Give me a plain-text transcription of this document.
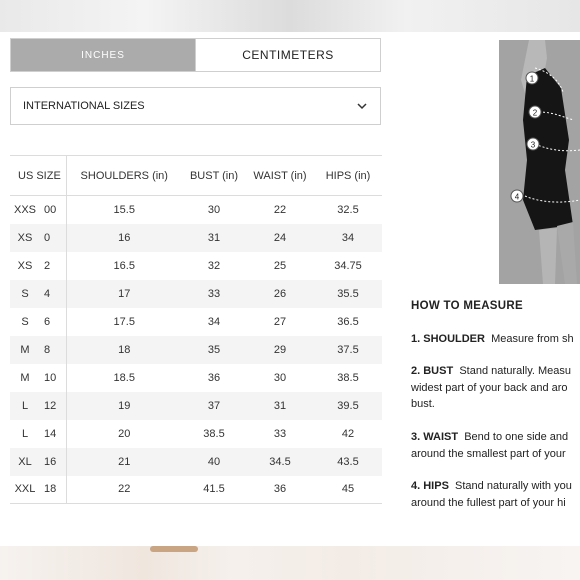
INCHES	CENTIMETERS
INTERNATIONAL SIZES
US SIZE		SHOULDERS (in)	BUST (in)	WAIST (in)	HIPS (in)
XXS	00	15.5	30	22	32.5
XS	0	16	31	24	34
XS	2	16.5	32	25	34.75
S	4	17	33	26	35.5
S	6	17.5	34	27	36.5
M	8	18	35	29	37.5
M	10	18.5	36	30	38.5
L	12	19	37	31	39.5
L	14	20	38.5	33	42
XL	16	21	40	34.5	43.5
XXL	18	22	41.5	36	45
1
2
3
4
HOW TO MEASURE
1. SHOULDER Measure from sh
2. BUST Stand naturally. Measu
widest part of your back and aro
bust.
3. WAIST Bend to one side and
around the smallest part of your
4. HIPS Stand naturally with you
around the fullest part of your hi
